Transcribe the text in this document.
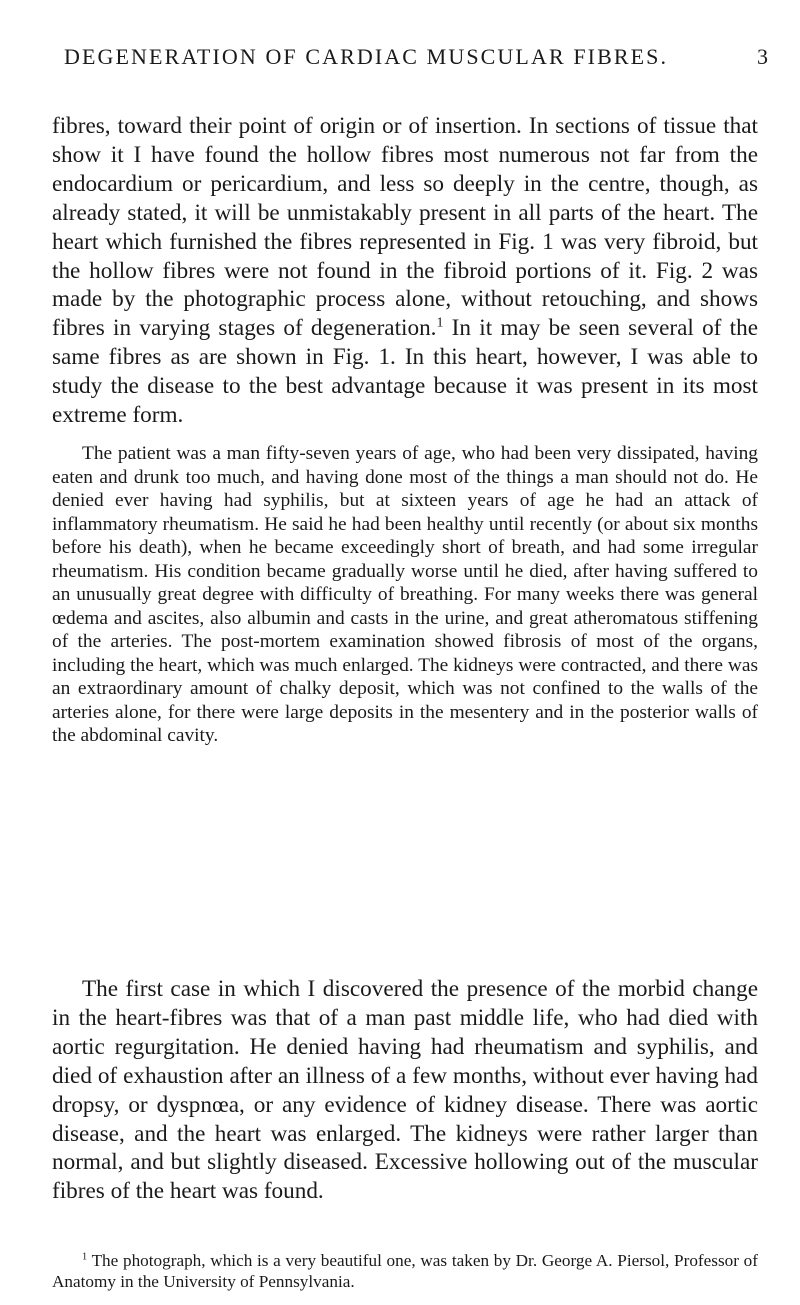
DEGENERATION OF CARDIAC MUSCULAR FIBRES.	3

fibres, toward their point of origin or of insertion. In sections of tissue that show it I have found the hollow fibres most numerous not far from the endocardium or pericardium, and less so deeply in the centre, though, as already stated, it will be unmistakably present in all parts of the heart. The heart which furnished the fibres represented in Fig. 1 was very fibroid, but the hollow fibres were not found in the fibroid portions of it. Fig. 2 was made by the photographic process alone, without retouching, and shows fibres in varying stages of degeneration.$^1$ In it may be seen several of the same fibres as are shown in Fig. 1. In this heart, however, I was able to study the disease to the best advantage because it was present in its most extreme form.

The patient was a man fifty-seven years of age, who had been very dissipated, having eaten and drunk too much, and having done most of the things a man should not do. He denied ever having had syphilis, but at sixteen years of age he had an attack of inflammatory rheumatism. He said he had been healthy until recently (or about six months before his death), when he became exceedingly short of breath, and had some irregular rheumatism. His condition became gradually worse until he died, after having suffered to an unusually great degree with difficulty of breathing. For many weeks there was general œdema and ascites, also albumin and casts in the urine, and great atheromatous stiffening of the arteries. The post-mortem examination showed fibrosis of most of the organs, including the heart, which was much enlarged. The kidneys were contracted, and there was an extraordinary amount of chalky deposit, which was not confined to the walls of the arteries alone, for there were large deposits in the mesentery and in the posterior walls of the abdominal cavity.

The first case in which I discovered the presence of the morbid change in the heart-fibres was that of a man past middle life, who had died with aortic regurgitation. He denied having had rheumatism and syphilis, and died of exhaustion after an illness of a few months, without ever having had dropsy, or dyspnœa, or any evidence of kidney disease. There was aortic disease, and the heart was enlarged. The kidneys were rather larger than normal, and but slightly diseased. Excessive hollowing out of the muscular fibres of the heart was found.

$^1$ The photograph, which is a very beautiful one, was taken by Dr. George A. Piersol, Professor of Anatomy in the University of Pennsylvania.
